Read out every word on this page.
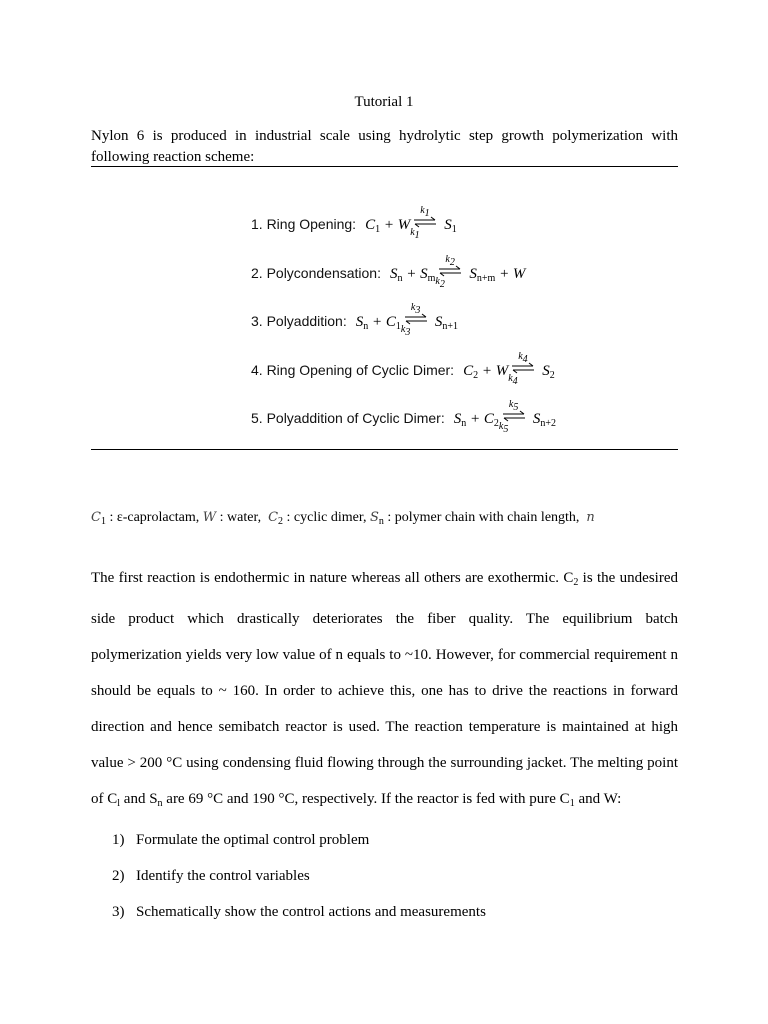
Tutorial 1
Nylon 6 is produced in industrial scale using hydrolytic step growth polymerization with following reaction scheme:
1. Ring Opening: $C_1 + W$
$k_1$
$k_1$
$S_1$
2. Polycondensation: $S_n + S_m$
$k_2$
$k_2$
$S_{n+m} + W$
3. Polyaddition: $S_n + C_1$
$k_3$
$k_3$
$S_{n+1}$
4. Ring Opening of Cyclic Dimer: $C_2 + W$
$k_4$
$k_4$
$S_2$
5. Polyaddition of Cyclic Dimer: $S_n + C_2$
$k_5$
$k_5$
$S_{n+2}$
$C_1$ : ε-caprolactam, W : water, $C_2$ : cyclic dimer, $S_n$ : polymer chain with chain length, n
The first reaction is endothermic in nature whereas all others are exothermic. $C_2$ is the undesired side product which drastically deteriorates the fiber quality. The equilibrium batch polymerization yields very low value of n equals to ~10. However, for commercial requirement n should be equals to ~ 160. In order to achieve this, one has to drive the reactions in forward direction and hence semibatch reactor is used. The reaction temperature is maintained at high value > 200 °C using condensing fluid flowing through the surrounding jacket. The melting point of $C_l$ and $S_n$ are 69 °C and 190 °C, respectively. If the reactor is fed with pure $C_1$ and W:
1) Formulate the optimal control problem
2) Identify the control variables
3) Schematically show the control actions and measurements
